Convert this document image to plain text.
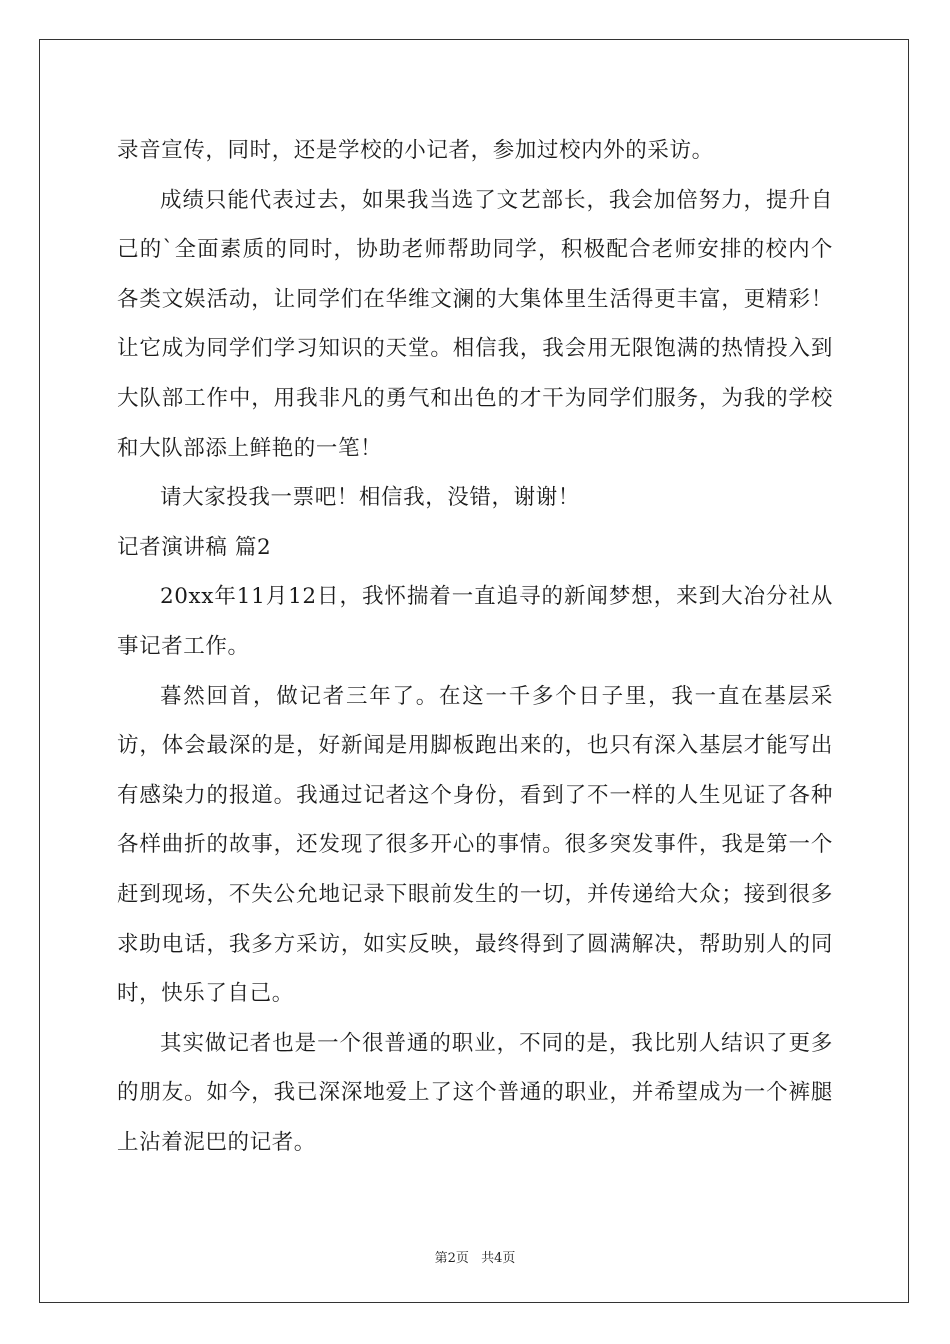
录音宣传，同时，还是学校的小记者，参加过校内外的采访。

成绩只能代表过去，如果我当选了文艺部长，我会加倍努力，提升自己的`全面素质的同时，协助老师帮助同学，积极配合老师安排的校内个各类文娱活动，让同学们在华维文澜的大集体里生活得更丰富，更精彩！让它成为同学们学习知识的天堂。相信我，我会用无限饱满的热情投入到大队部工作中，用我非凡的勇气和出色的才干为同学们服务，为我的学校和大队部添上鲜艳的一笔！

请大家投我一票吧！相信我，没错，谢谢！

记者演讲稿 篇2

20xx年11月12日，我怀揣着一直追寻的新闻梦想，来到大冶分社从事记者工作。

暮然回首，做记者三年了。在这一千多个日子里，我一直在基层采访，体会最深的是，好新闻是用脚板跑出来的，也只有深入基层才能写出有感染力的报道。我通过记者这个身份，看到了不一样的人生见证了各种各样曲折的故事，还发现了很多开心的事情。很多突发事件，我是第一个赶到现场，不失公允地记录下眼前发生的一切，并传递给大众；接到很多求助电话，我多方采访，如实反映，最终得到了圆满解决，帮助别人的同时，快乐了自己。

其实做记者也是一个很普通的职业，不同的是，我比别人结识了更多的朋友。如今，我已深深地爱上了这个普通的职业，并希望成为一个裤腿上沾着泥巴的记者。

第2页 共4页
